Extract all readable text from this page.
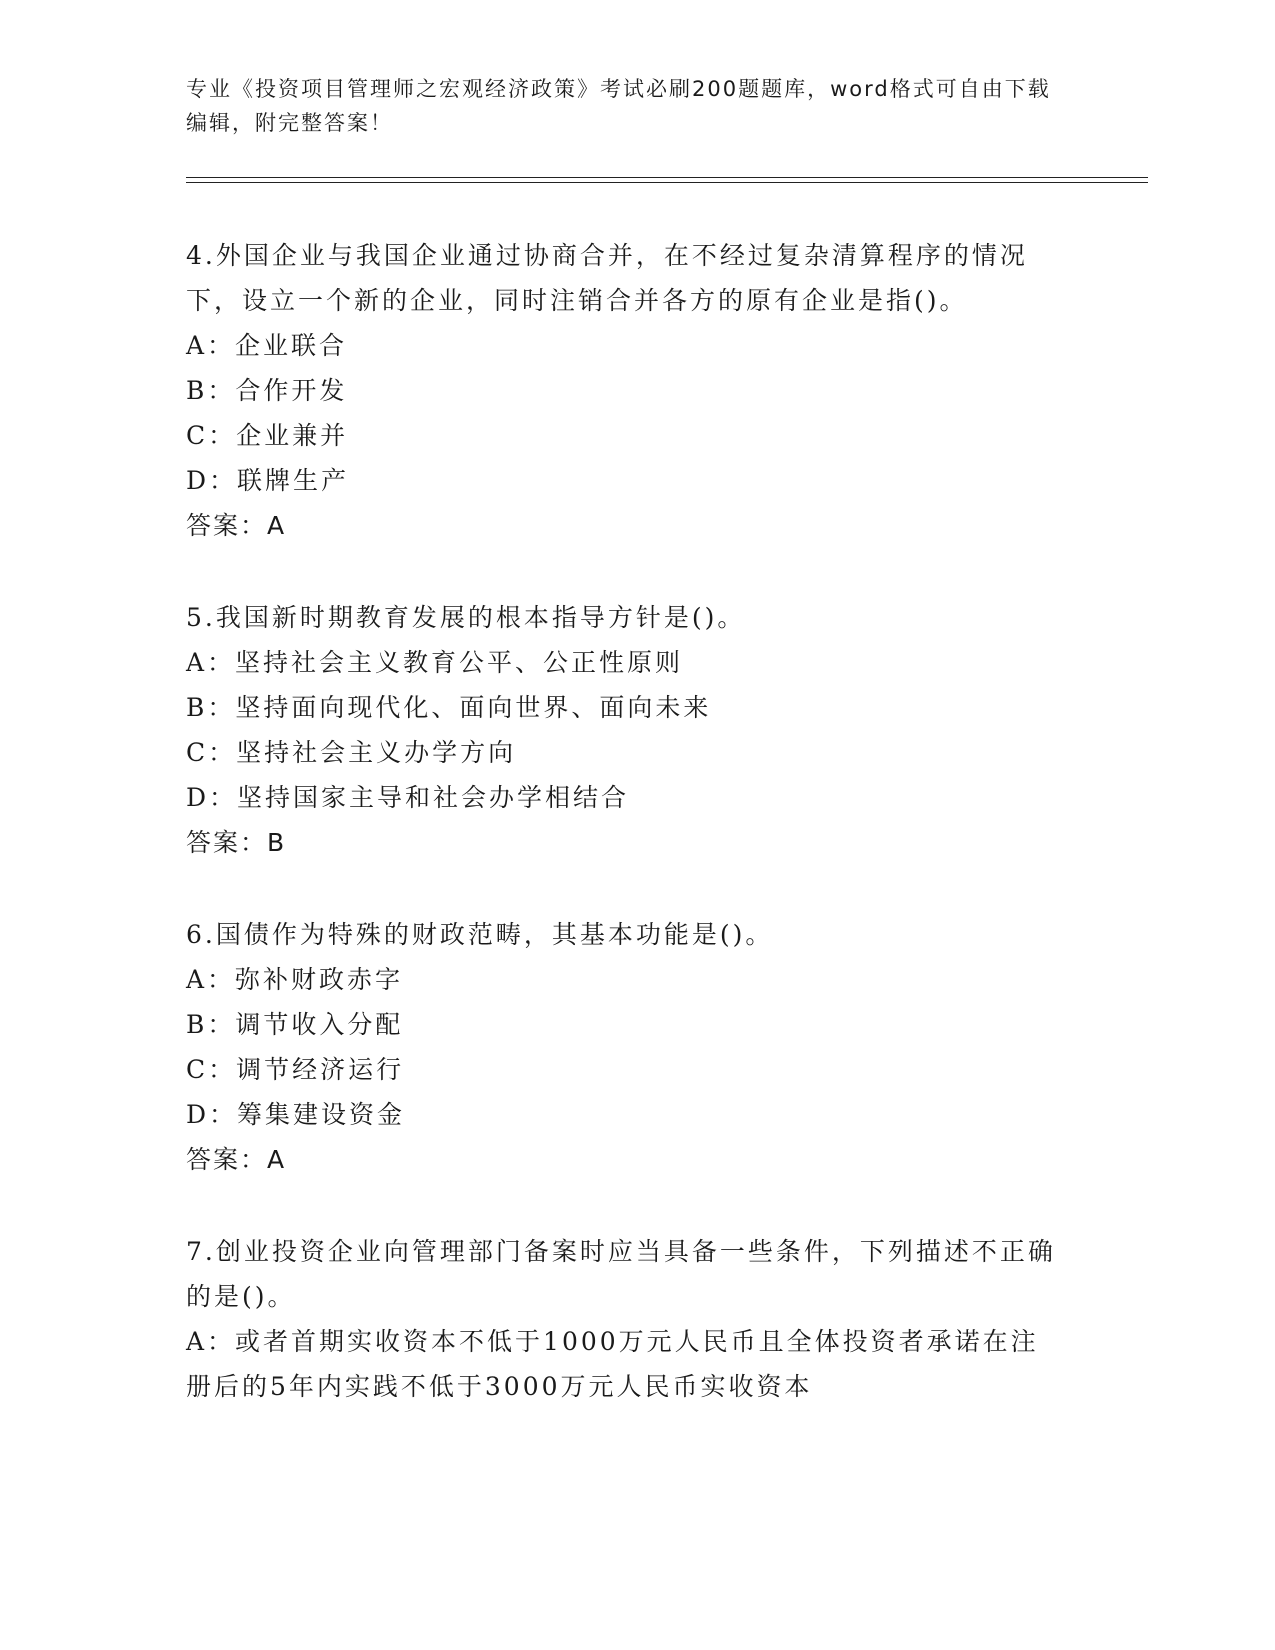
专业《投资项目管理师之宏观经济政策》考试必刷200题题库，word格式可自由下载编辑，附完整答案！

4.外国企业与我国企业通过协商合并，在不经过复杂清算程序的情况下，设立一个新的企业，同时注销合并各方的原有企业是指()。

A：企业联合

B：合作开发

C：企业兼并

D：联牌生产

答案：A

5.我国新时期教育发展的根本指导方针是()。

A：坚持社会主义教育公平、公正性原则

B：坚持面向现代化、面向世界、面向未来

C：坚持社会主义办学方向

D：坚持国家主导和社会办学相结合

答案：B

6.国债作为特殊的财政范畴，其基本功能是()。

A：弥补财政赤字

B：调节收入分配

C：调节经济运行

D：筹集建设资金

答案：A

7.创业投资企业向管理部门备案时应当具备一些条件，下列描述不正确的是()。

A：或者首期实收资本不低于1000万元人民币且全体投资者承诺在注册后的5年内实践不低于3000万元人民币实收资本
